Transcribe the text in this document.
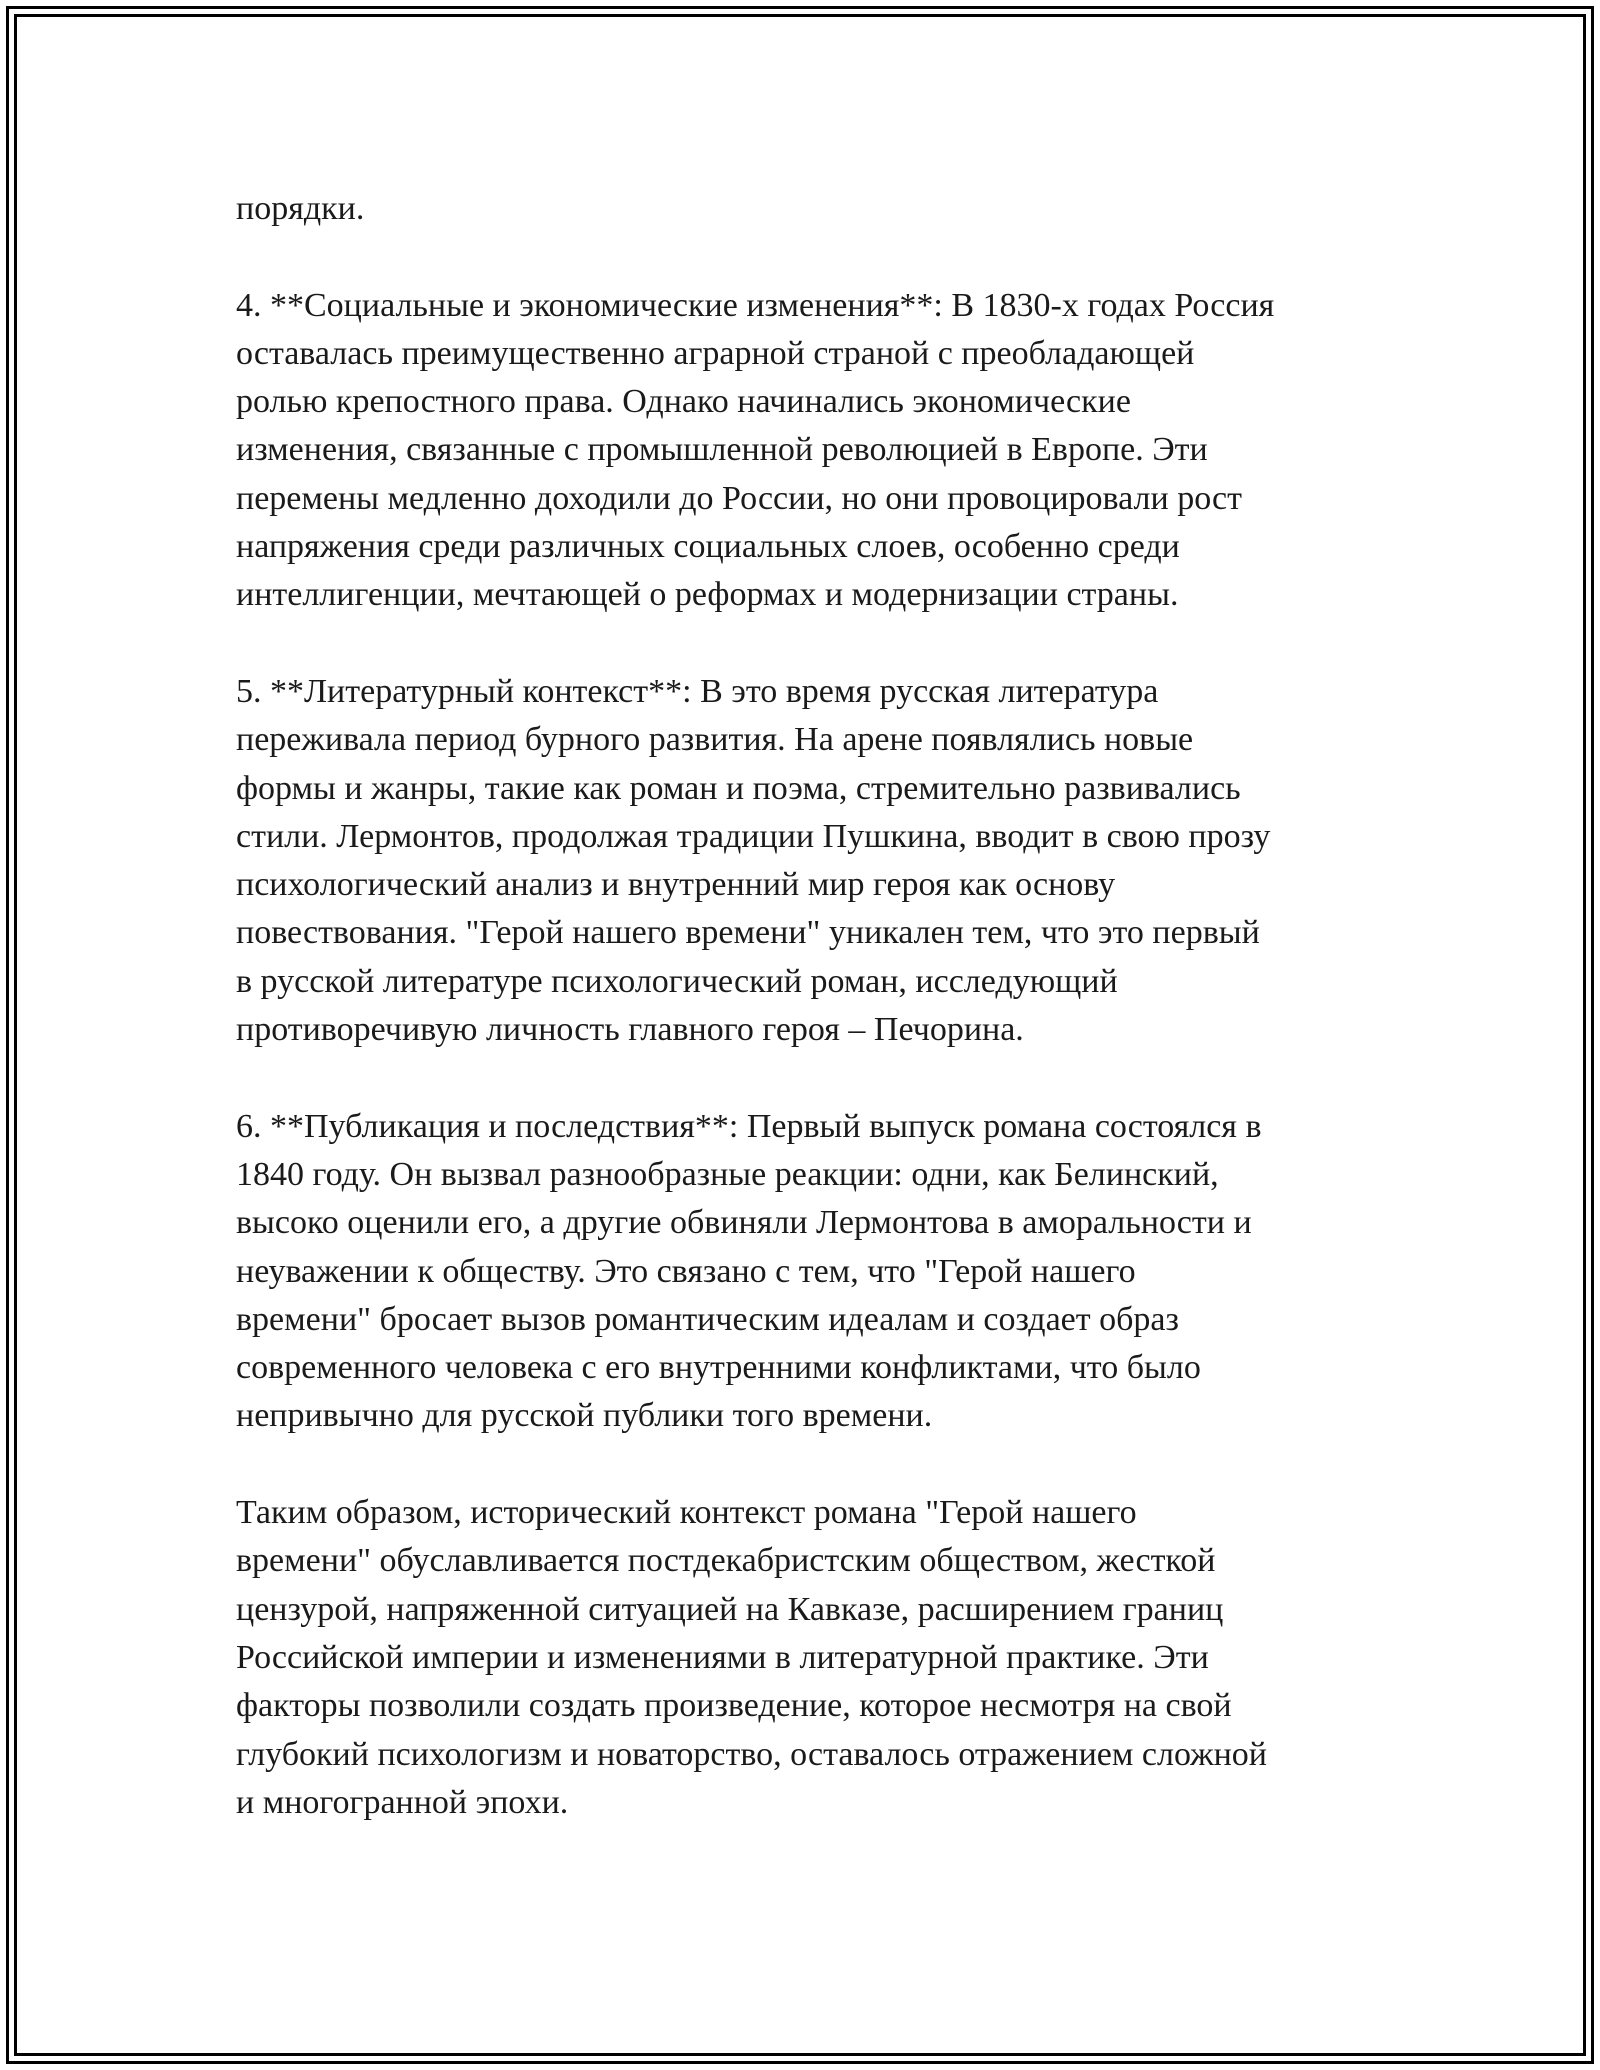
порядки.

4. **Социальные и экономические изменения**: В 1830-х годах Россия
оставалась преимущественно аграрной страной с преобладающей
ролью крепостного права. Однако начинались экономические
изменения, связанные с промышленной революцией в Европе. Эти
перемены медленно доходили до России, но они провоцировали рост
напряжения среди различных социальных слоев, особенно среди
интеллигенции, мечтающей о реформах и модернизации страны.

5. **Литературный контекст**: В это время русская литература
переживала период бурного развития. На арене появлялись новые
формы и жанры, такие как роман и поэма, стремительно развивались
стили. Лермонтов, продолжая традиции Пушкина, вводит в свою прозу
психологический анализ и внутренний мир героя как основу
повествования. "Герой нашего времени" уникален тем, что это первый
в русской литературе психологический роман, исследующий
противоречивую личность главного героя – Печорина.

6. **Публикация и последствия**: Первый выпуск романа состоялся в
1840 году. Он вызвал разнообразные реакции: одни, как Белинский,
высоко оценили его, а другие обвиняли Лермонтова в аморальности и
неуважении к обществу. Это связано с тем, что "Герой нашего
времени" бросает вызов романтическим идеалам и создает образ
современного человека с его внутренними конфликтами, что было
непривычно для русской публики того времени.

Таким образом, исторический контекст романа "Герой нашего
времени" обуславливается постдекабристским обществом, жесткой
цензурой, напряженной ситуацией на Кавказе, расширением границ
Российской империи и изменениями в литературной практике. Эти
факторы позволили создать произведение, которое несмотря на свой
глубокий психологизм и новаторство, оставалось отражением сложной
и многогранной эпохи.
